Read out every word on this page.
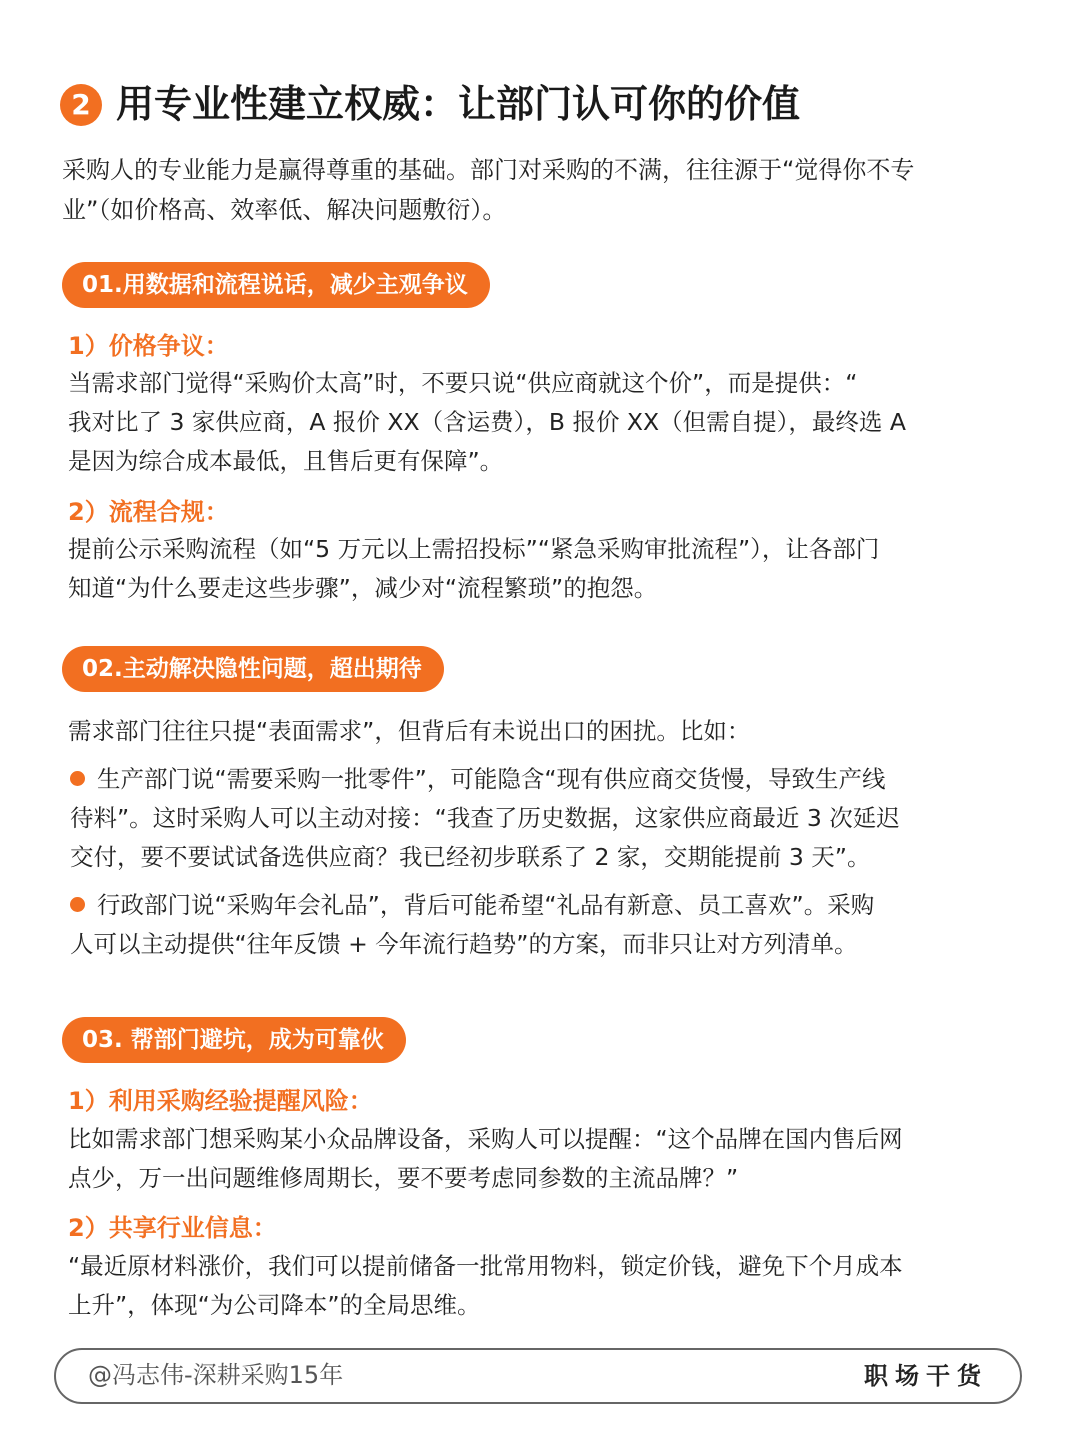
2 用专业性建立权威：让部门认可你的价值
采购人的专业能力是赢得尊重的基础。部门对采购的不满，往往源于“觉得你不专
业”（如价格高、效率低、解决问题敷衍）。
01.用数据和流程说话，减少主观争议
1）价格争议：
当需求部门觉得“采购价太高”时，不要只说“供应商就这个价”，而是提供：“
我对比了 3 家供应商，A 报价 XX（含运费），B 报价 XX（但需自提），最终选 A
是因为综合成本最低，且售后更有保障”。
2）流程合规：
提前公示采购流程（如“5 万元以上需招投标”“紧急采购审批流程”），让各部门
知道“为什么要走这些步骤”，减少对“流程繁琐”的抱怨。
02.主动解决隐性问题，超出期待
需求部门往往只提“表面需求”，但背后有未说出口的困扰。比如：
生产部门说“需要采购一批零件”，可能隐含“现有供应商交货慢，导致生产线
待料”。这时采购人可以主动对接：“我查了历史数据，这家供应商最近 3 次延迟
交付，要不要试试备选供应商？我已经初步联系了 2 家，交期能提前 3 天”。
行政部门说“采购年会礼品”，背后可能希望“礼品有新意、员工喜欢”。采购
人可以主动提供“往年反馈 + 今年流行趋势”的方案，而非只让对方列清单。
03. 帮部门避坑，成为可靠伙
1）利用采购经验提醒风险：
比如需求部门想采购某小众品牌设备，采购人可以提醒：“这个品牌在国内售后网
点少，万一出问题维修周期长，要不要考虑同参数的主流品牌？”
2）共享行业信息：
“最近原材料涨价，我们可以提前储备一批常用物料，锁定价钱，避免下个月成本
上升”，体现“为公司降本”的全局思维。
@冯志伟-深耕采购15年	职场干货
